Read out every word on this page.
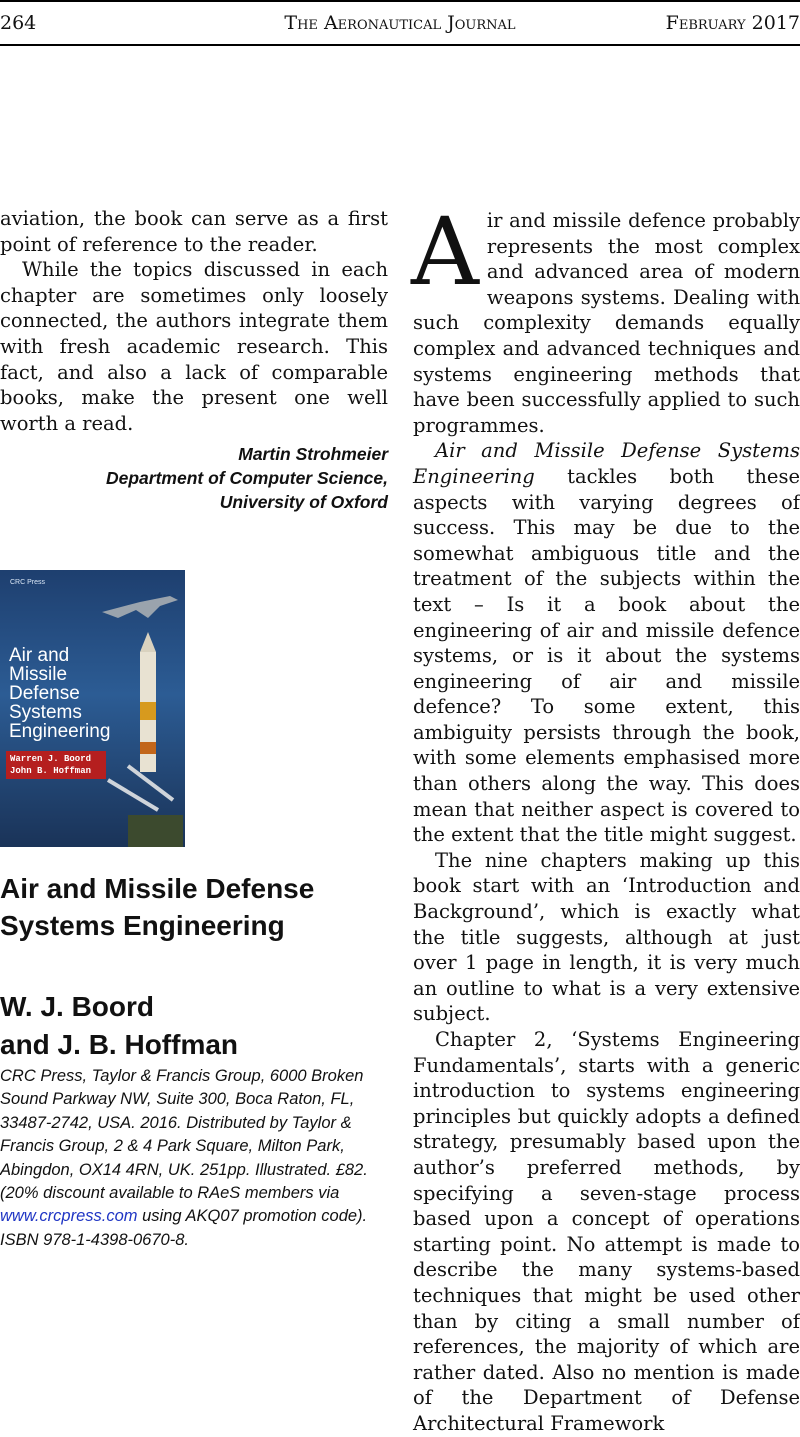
264	The Aeronautical Journal	February 2017

aviation, the book can serve as a first point of reference to the reader.

While the topics discussed in each chapter are sometimes only loosely connected, the authors integrate them with fresh academic research. This fact, and also a lack of comparable books, make the present one well worth a read.

Martin Strohmeier
Department of Computer Science,
University of Oxford
CRC Press
Air and
Missile
Defense
Systems
Engineering
Warren J. Boord
John B. Hoffman
Air and Missile Defense Systems Engineering
W. J. Boord
and J. B. Hoffman
CRC Press, Taylor & Francis Group, 6000 Broken Sound Parkway NW, Suite 300, Boca Raton, FL, 33487-2742, USA. 2016. Distributed by Taylor & Francis Group, 2 & 4 Park Square, Milton Park, Abingdon, OX14 4RN, UK. 251pp. Illustrated. £82. (20% discount available to RAeS members via www.crcpress.com using AKQ07 promotion code). ISBN 978-1-4398-0670-8.

Air and missile defence probably represents the most complex and advanced area of modern weapons systems. Dealing with such complexity demands equally complex and advanced techniques and systems engineering methods that have been successfully applied to such programmes.

Air and Missile Defense Systems Engineering tackles both these aspects with varying degrees of success. This may be due to the somewhat ambiguous title and the treatment of the subjects within the text – Is it a book about the engineering of air and missile defence systems, or is it about the systems engineering of air and missile defence? To some extent, this ambiguity persists through the book, with some elements emphasised more than others along the way. This does mean that neither aspect is covered to the extent that the title might suggest.

The nine chapters making up this book start with an ‘Introduction and Background’, which is exactly what the title suggests, although at just over 1 page in length, it is very much an outline to what is a very extensive subject.

Chapter 2, ‘Systems Engineering Fundamentals’, starts with a generic introduction to systems engineering principles but quickly adopts a defined strategy, presumably based upon the author’s preferred methods, by specifying a seven-stage process based upon a concept of operations starting point. No attempt is made to describe the many systems-based techniques that might be used other than by citing a small number of references, the majority of which are rather dated. Also no mention is made of the Department of Defense Architectural Framework
